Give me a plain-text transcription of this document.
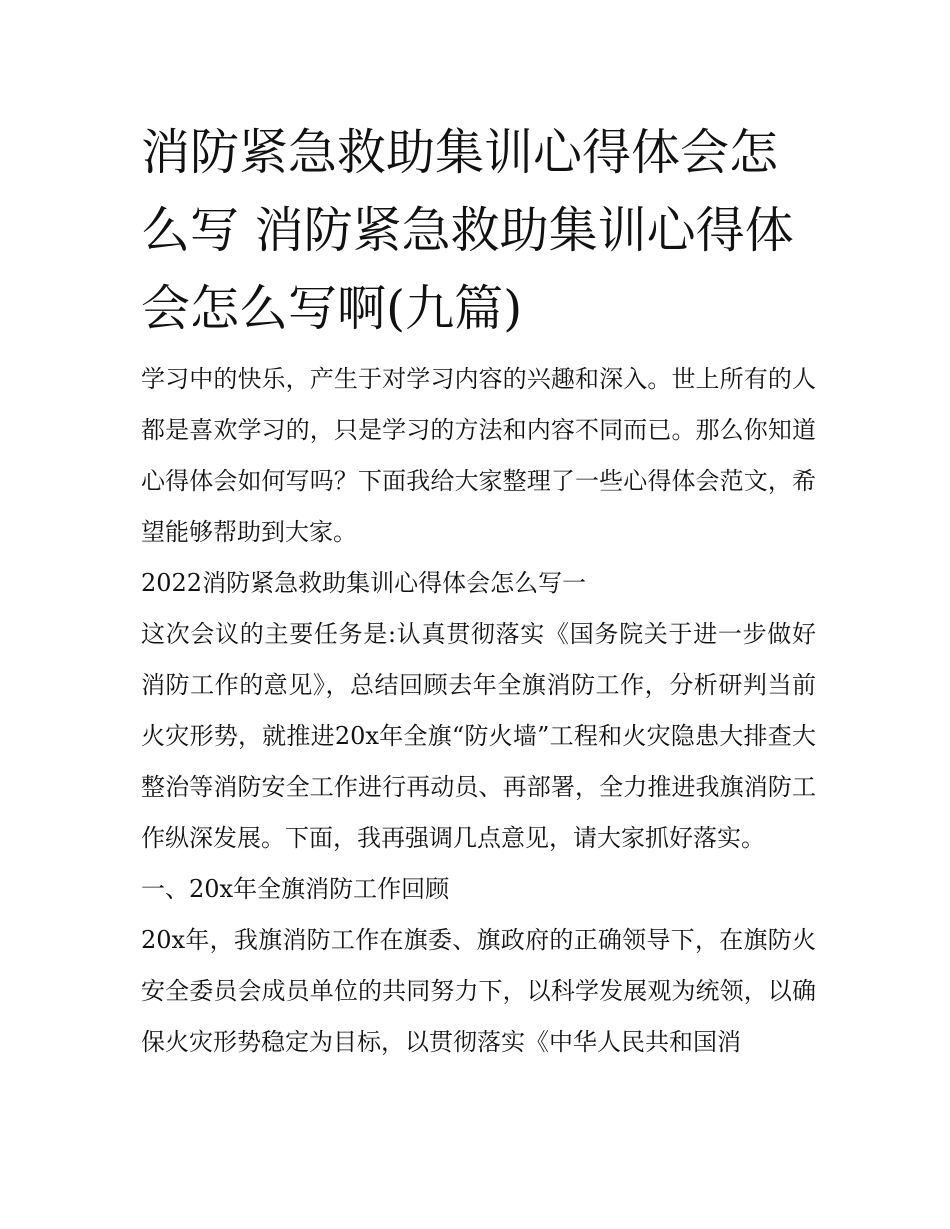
消防紧急救助集训心得体会怎么写 消防紧急救助集训心得体会怎么写啊(九篇)

学习中的快乐，产生于对学习内容的兴趣和深入。世上所有的人都是喜欢学习的，只是学习的方法和内容不同而已。那么你知道心得体会如何写吗？下面我给大家整理了一些心得体会范文，希望能够帮助到大家。

2022消防紧急救助集训心得体会怎么写一

这次会议的主要任务是:认真贯彻落实《国务院关于进一步做好消防工作的意见》，总结回顾去年全旗消防工作，分析研判当前火灾形势，就推进20x年全旗“防火墙”工程和火灾隐患大排查大整治等消防安全工作进行再动员、再部署，全力推进我旗消防工作纵深发展。下面，我再强调几点意见，请大家抓好落实。

一、20x年全旗消防工作回顾

20x年，我旗消防工作在旗委、旗政府的正确领导下，在旗防火安全委员会成员单位的共同努力下，以科学发展观为统领，以确保火灾形势稳定为目标，以贯彻落实《中华人民共和国消
